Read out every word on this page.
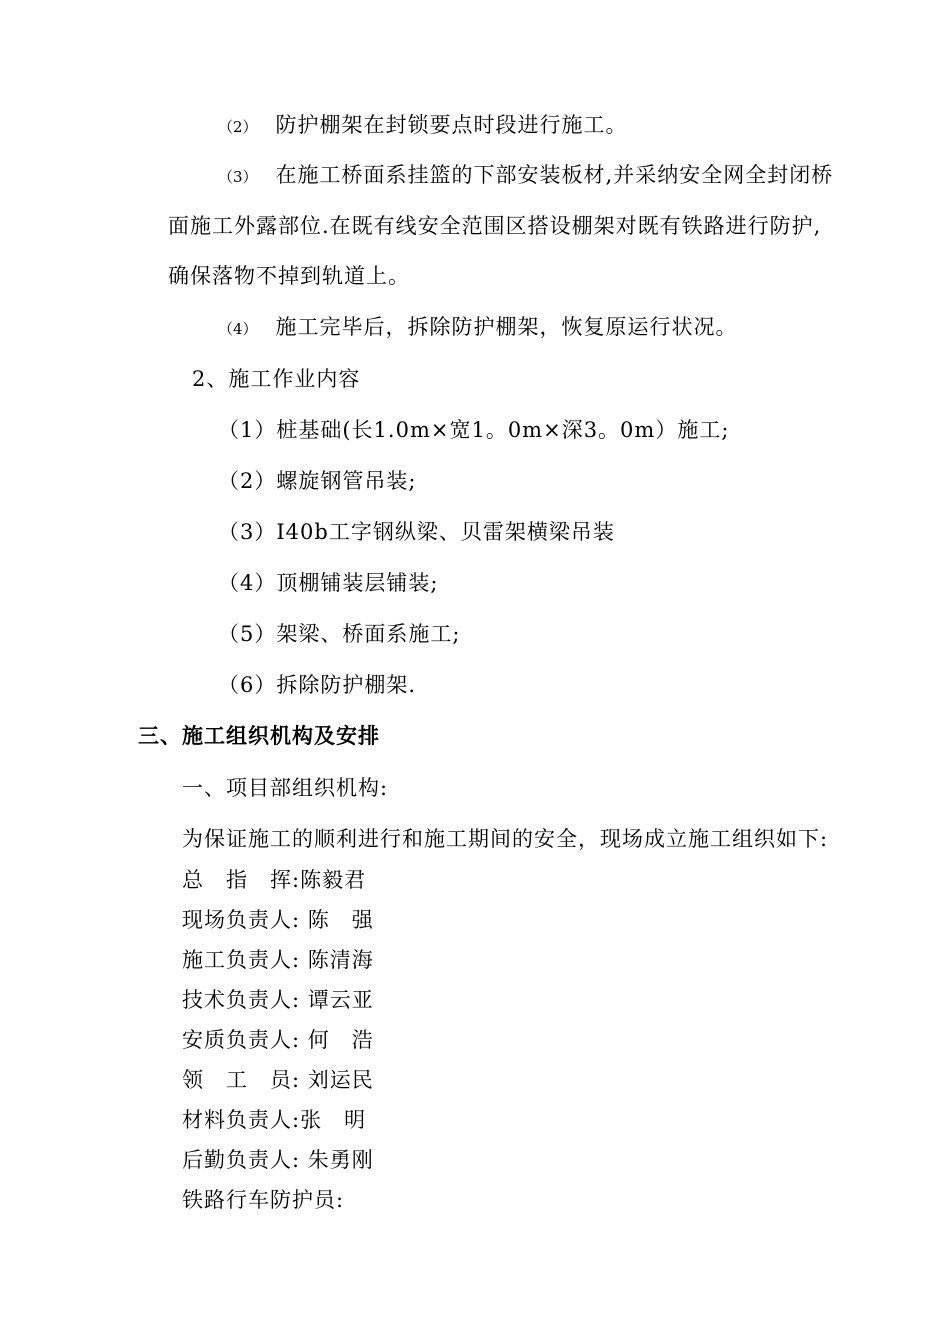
（2） 防护棚架在封锁要点时段进行施工。
（3） 在施工桥面系挂篮的下部安装板材,并采纳安全网全封闭桥
面施工外露部位.在既有线安全范围区搭设棚架对既有铁路进行防护,
确保落物不掉到轨道上。
（4） 施工完毕后，拆除防护棚架，恢复原运行状况。
2、施工作业内容
（1）桩基础(长1.0m×宽1。0m×深3。0m）施工;
（2）螺旋钢管吊装;
（3）I40b工字钢纵梁、贝雷架横梁吊装
（4）顶棚铺装层铺装;
（5）架梁、桥面系施工;
（6）拆除防护棚架.
三、施工组织机构及安排
一、项目部组织机构:
为保证施工的顺利进行和施工期间的安全，现场成立施工组织如下:
总　指　挥:陈毅君
现场负责人: 陈　强
施工负责人: 陈清海
技术负责人: 谭云亚
安质负责人: 何　浩
领　工　员: 刘运民
材料负责人:张　明
后勤负责人: 朱勇刚
铁路行车防护员:
